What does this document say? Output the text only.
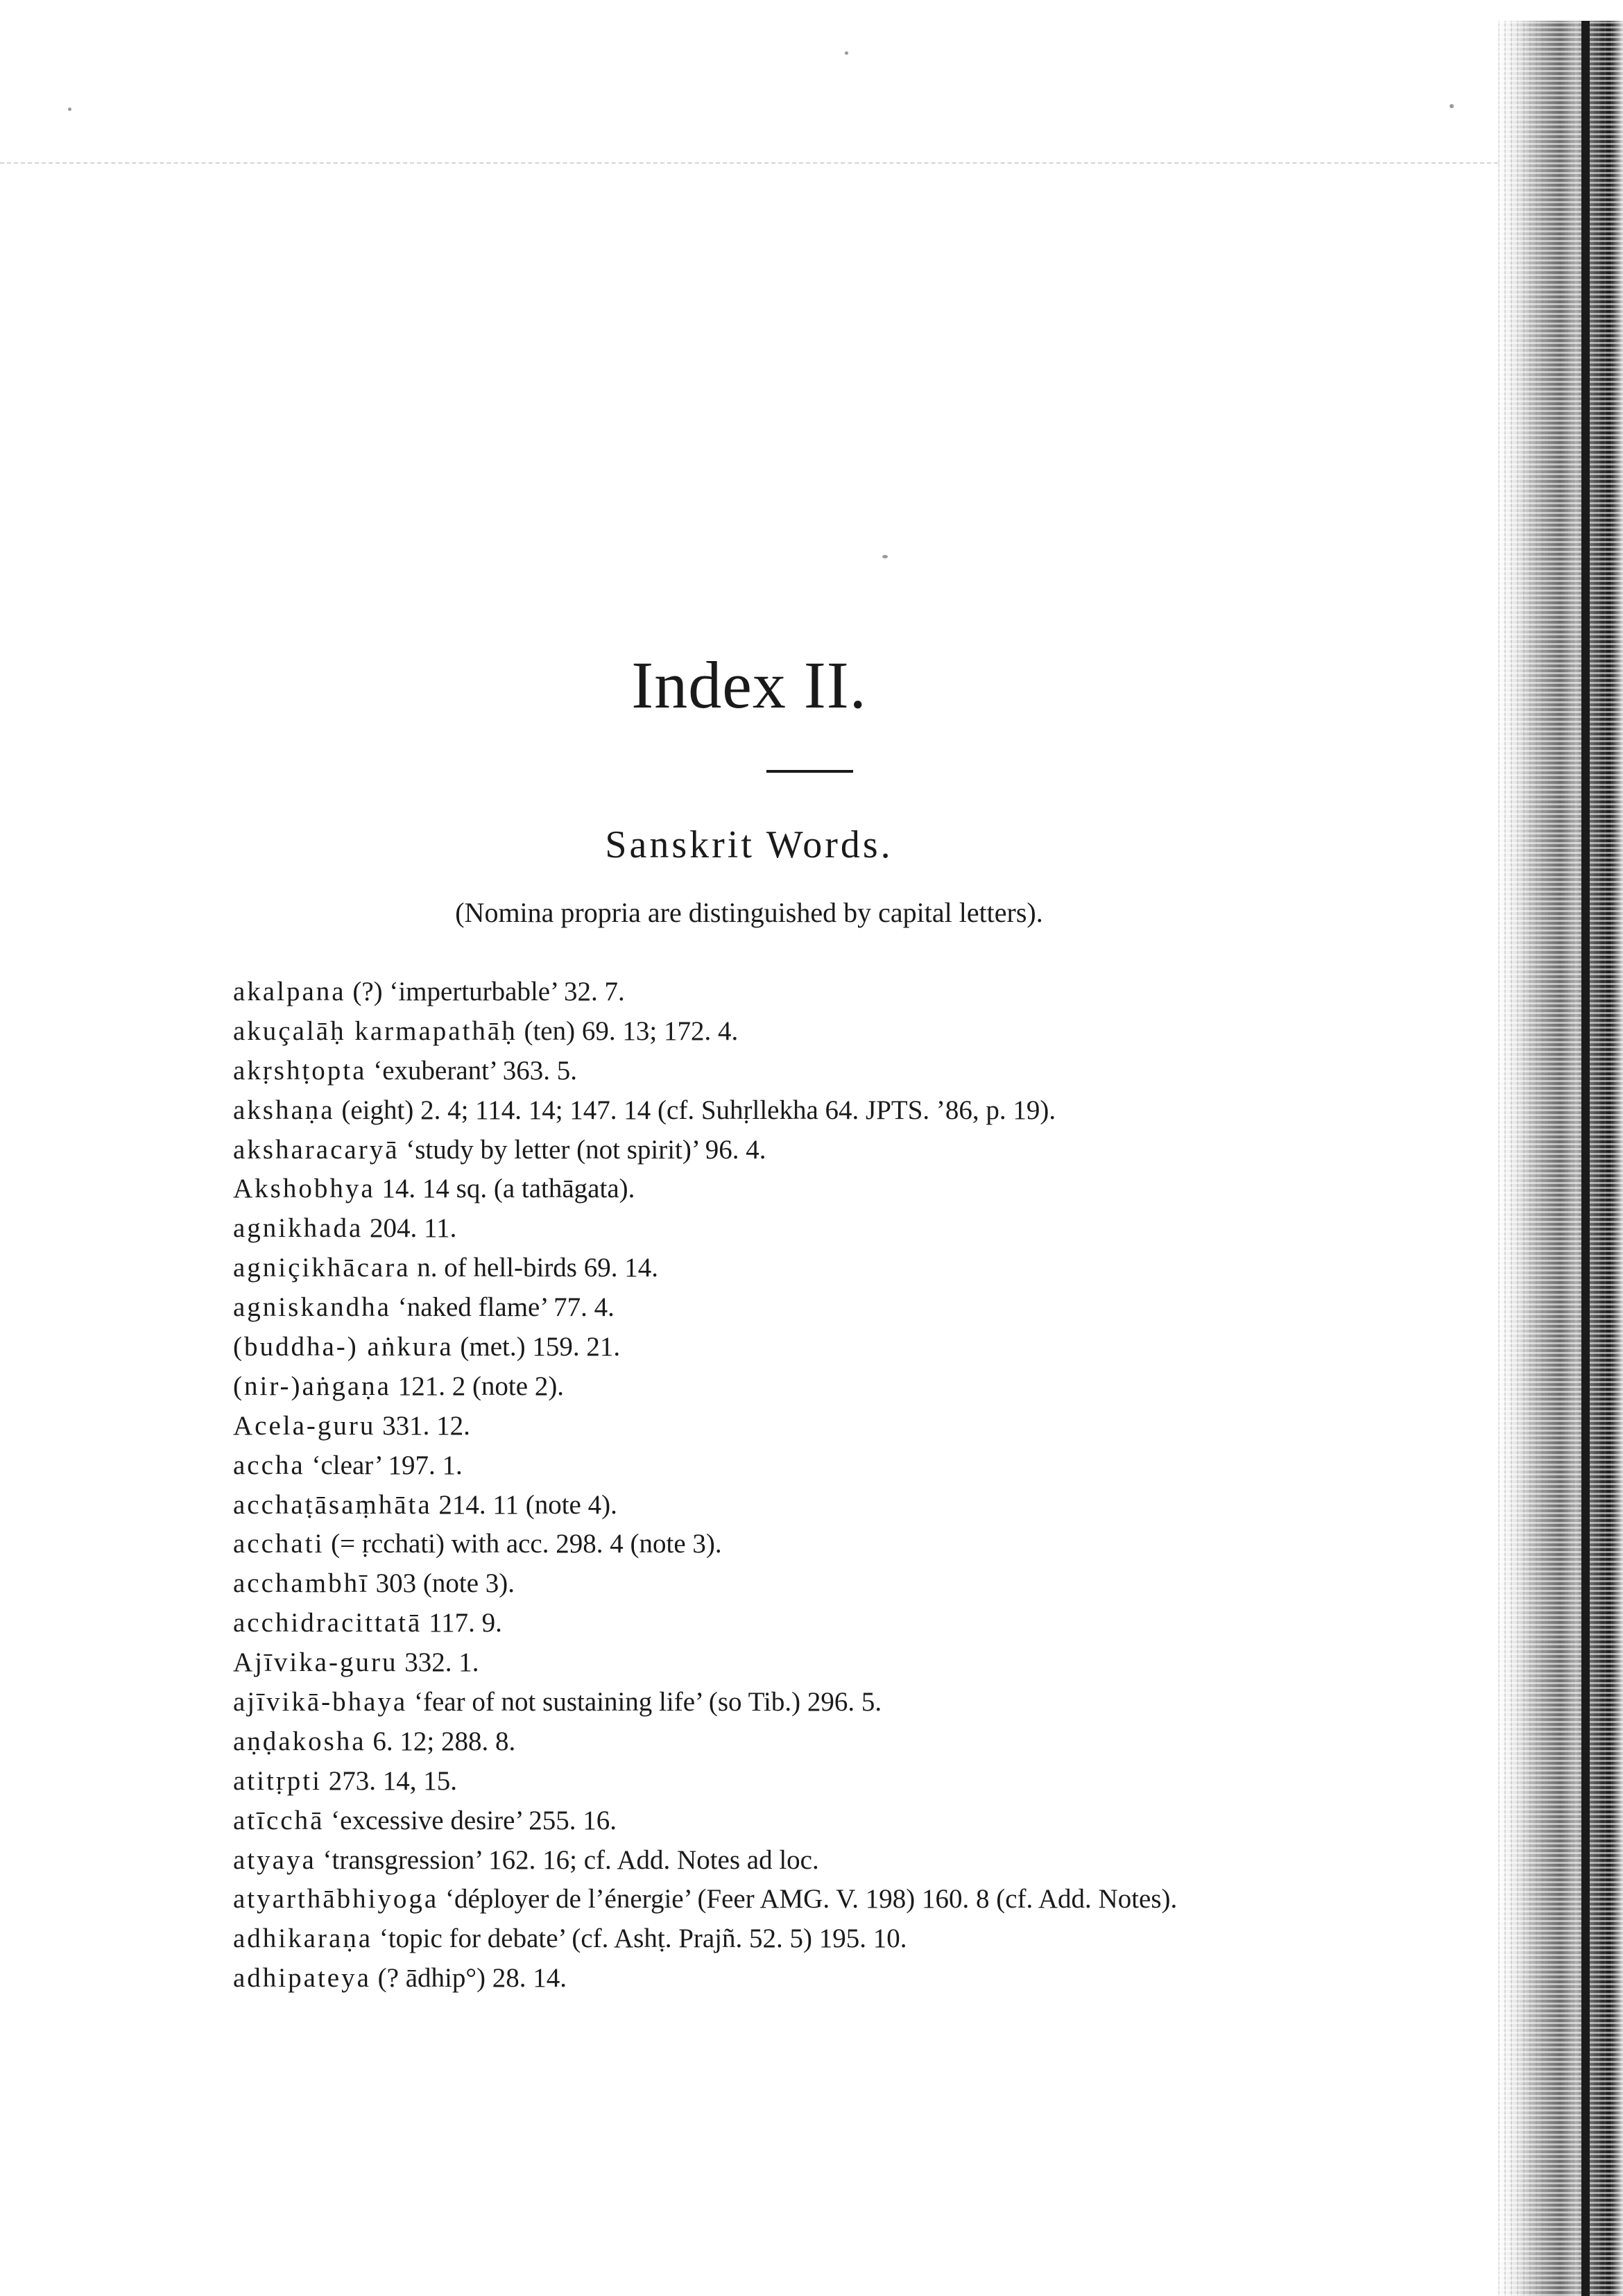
Index II.
Sanskrit Words.
(Nomina propria are distinguished by capital letters).
akalpana (?) ‘imperturbable’ 32. 7.
akuçalāḥ karmapathāḥ (ten) 69. 13; 172. 4.
akṛshṭopta ‘exuberant’ 363. 5.
akshaṇa (eight) 2. 4; 114. 14; 147. 14 (cf. Suhṛllekha 64. JPTS. ’86, p. 19).
aksharacaryā ‘study by letter (not spirit)’ 96. 4.
Akshobhya 14. 14 sq. (a tathāgata).
agnikhada 204. 11.
agniçikhācara n. of hell-birds 69. 14.
agniskandha ‘naked flame’ 77. 4.
(buddha-) aṅkura (met.) 159. 21.
(nir-)aṅgaṇa 121. 2 (note 2).
Acela-guru 331. 12.
accha ‘clear’ 197. 1.
acchaṭāsaṃhāta 214. 11 (note 4).
acchati (= ṛcchati) with acc. 298. 4 (note 3).
acchambhī 303 (note 3).
acchidracittatā 117. 9.
Ajīvika-guru 332. 1.
ajīvikā-bhaya ‘fear of not sustaining life’ (so Tib.) 296. 5.
aṇḍakosha 6. 12; 288. 8.
atitṛpti 273. 14, 15.
atīcchā ‘excessive desire’ 255. 16.
atyaya ‘transgression’ 162. 16; cf. Add. Notes ad loc.
atyarthābhiyoga ‘déployer de l’énergie’ (Feer AMG. V. 198) 160. 8 (cf. Add. Notes).
adhikaraṇa ‘topic for debate’ (cf. Ashṭ. Prajñ. 52. 5) 195. 10.
adhipateya (? ādhip°) 28. 14.
